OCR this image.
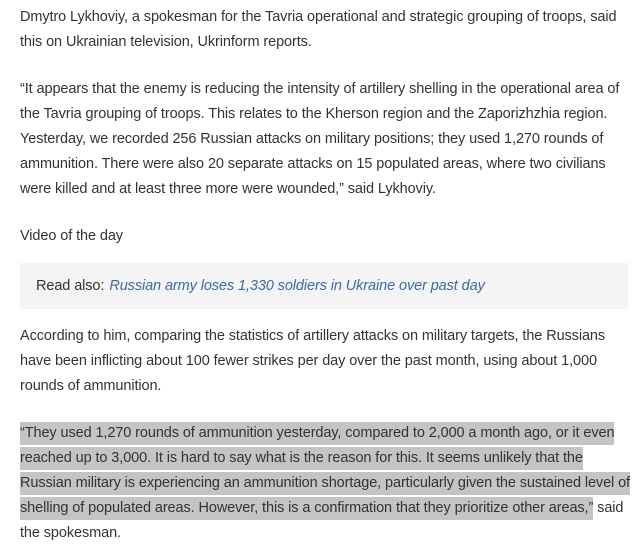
Dmytro Lykhoviy, a spokesman for the Tavria operational and strategic grouping of troops, said this on Ukrainian television, Ukrinform reports.

“It appears that the enemy is reducing the intensity of artillery shelling in the operational area of the Tavria grouping of troops. This relates to the Kherson region and the Zaporizhzhia region. Yesterday, we recorded 256 Russian attacks on military positions; they used 1,270 rounds of ammunition. There were also 20 separate attacks on 15 populated areas, where two civilians were killed and at least three more were wounded,” said Lykhoviy.

Video of the day

Read also: Russian army loses 1,330 soldiers in Ukraine over past day

According to him, comparing the statistics of artillery attacks on military targets, the Russians have been inflicting about 100 fewer strikes per day over the past month, using about 1,000 rounds of ammunition.

“They used 1,270 rounds of ammunition yesterday, compared to 2,000 a month ago, or it even reached up to 3,000. It is hard to say what is the reason for this. It seems unlikely that the Russian military is experiencing an ammunition shortage, particularly given the sustained level of shelling of populated areas. However, this is a confirmation that they prioritize other areas,” said the spokesman.
